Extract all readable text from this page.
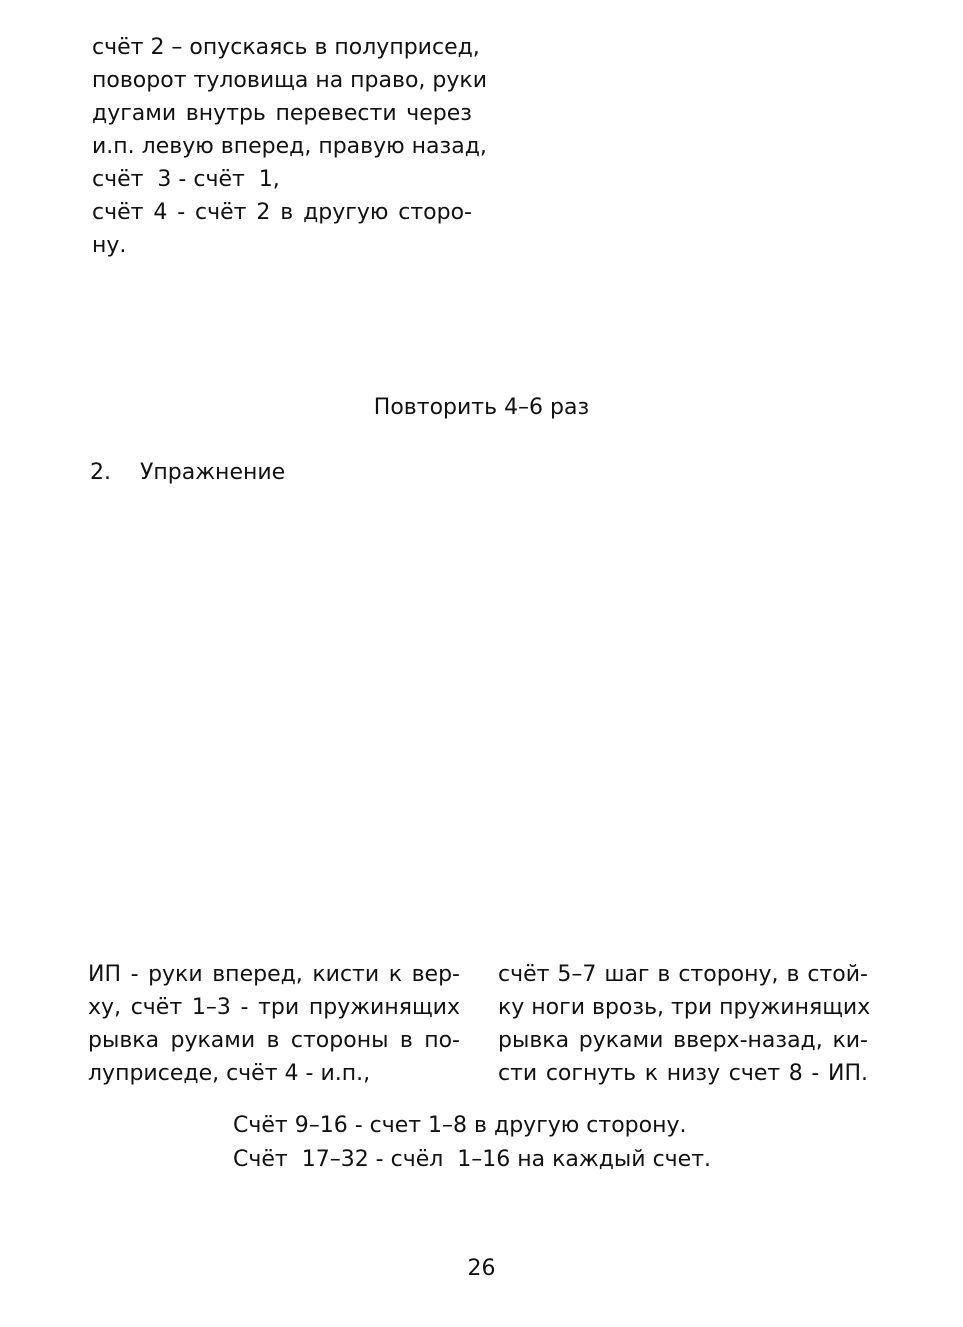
счёт 2 – опускаясь в полуприсед,
поворот туловища на право, руки
дугами внутрь перевести через
и.п. левую вперед, правую назад,
счёт  3 - счёт  1,
счёт 4 - счёт 2 в другую сторо-
ну.
Повторить 4–6 раз
2. Упражнение
ИП - руки вперед, кисти к вер-
ху, счёт 1–3 - три пружинящих
рывка руками в стороны в по-
луприседе, счёт 4 - и.п.,
счёт 5–7 шаг в сторону, в стой-
ку ноги врозь, три пружинящих
рывка руками вверх-назад, ки-
сти согнуть к низу счет 8 - ИП.
Счёт 9–16 - счет 1–8 в другую сторону.
Счёт  17–32 - счёл  1–16 на каждый счет.
26
